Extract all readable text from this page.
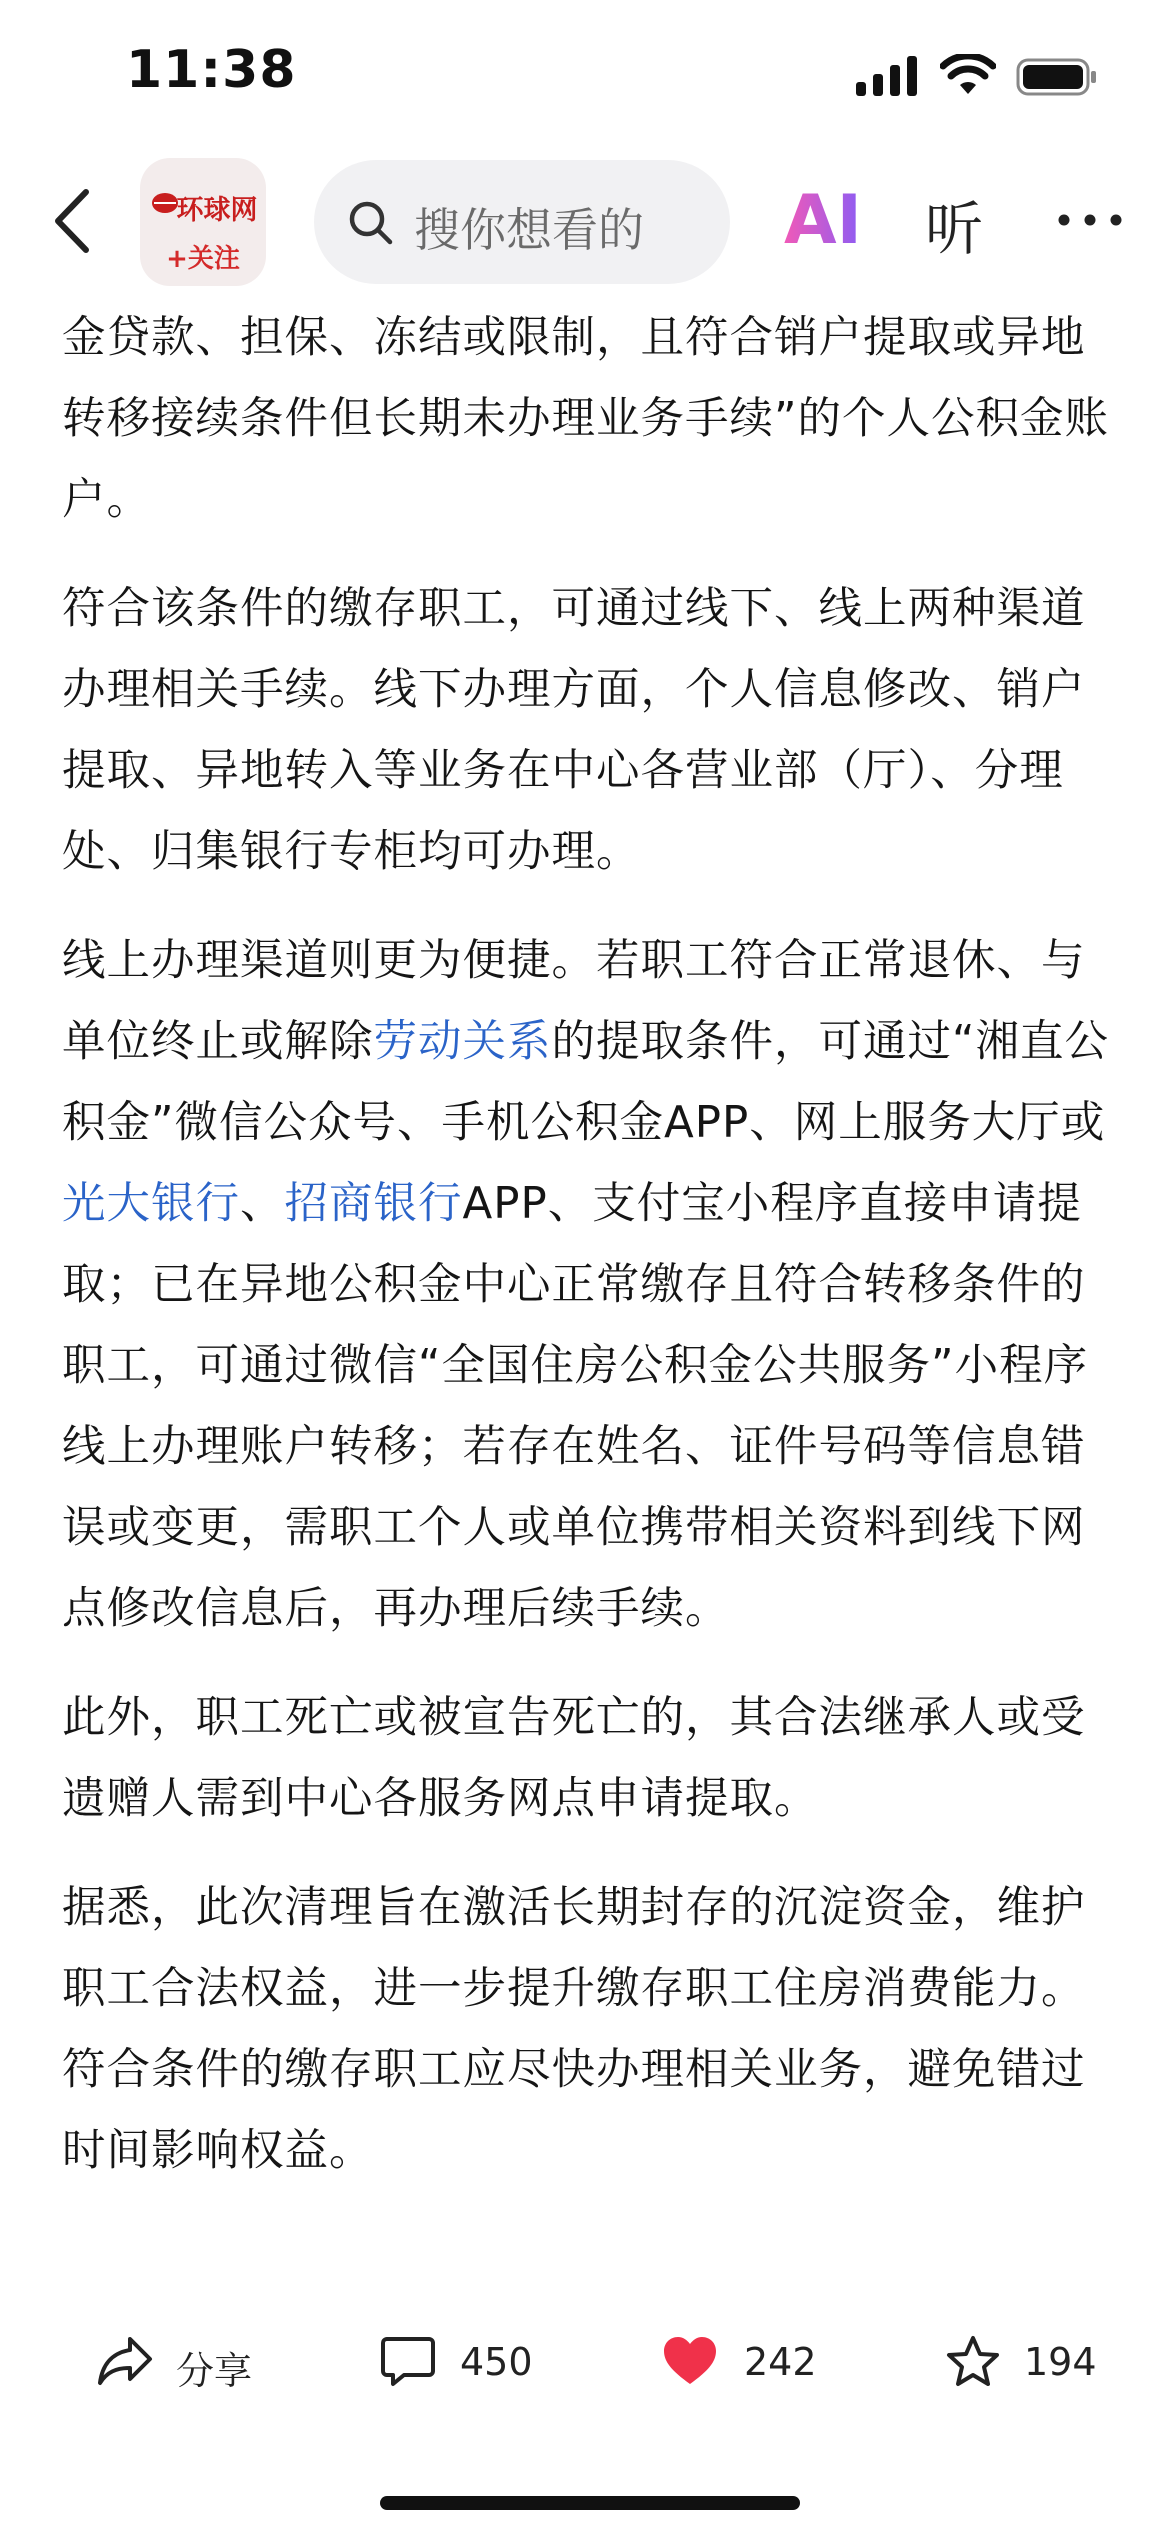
11:38
环球网
+关注
搜你想看的 AI 听

金贷款、担保、冻结或限制，且符合销户提取或异地转移接续条件但长期未办理业务手续”的个人公积金账户。

符合该条件的缴存职工，可通过线下、线上两种渠道办理相关手续。线下办理方面，个人信息修改、销户提取、异地转入等业务在中心各营业部（厅）、分理处、归集银行专柜均可办理。

线上办理渠道则更为便捷。若职工符合正常退休、与单位终止或解除劳动关系的提取条件，可通过“湘直公积金”微信公众号、手机公积金APP、网上服务大厅或光大银行、招商银行APP、支付宝小程序直接申请提取；已在异地公积金中心正常缴存且符合转移条件的职工，可通过微信“全国住房公积金公共服务”小程序线上办理账户转移；若存在姓名、证件号码等信息错误或变更，需职工个人或单位携带相关资料到线下网点修改信息后，再办理后续手续。

此外，职工死亡或被宣告死亡的，其合法继承人或受遗赠人需到中心各服务网点申请提取。

据悉，此次清理旨在激活长期封存的沉淀资金，维护职工合法权益，进一步提升缴存职工住房消费能力。符合条件的缴存职工应尽快办理相关业务，避免错过时间影响权益。

分享	450	242	194
